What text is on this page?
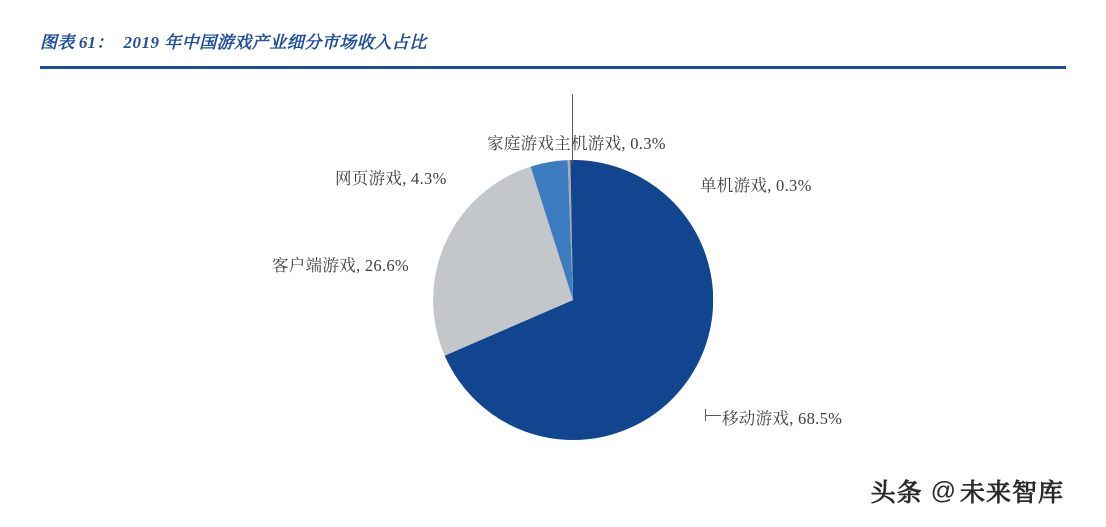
图表 61： 2019 年中国游戏产业细分市场收入占比
家庭游戏主机游戏, 0.3%
网页游戏, 4.3%
客户端游戏, 26.6%
单机游戏, 0.3%
移动游戏, 68.5%
头条 @ 未来智库
